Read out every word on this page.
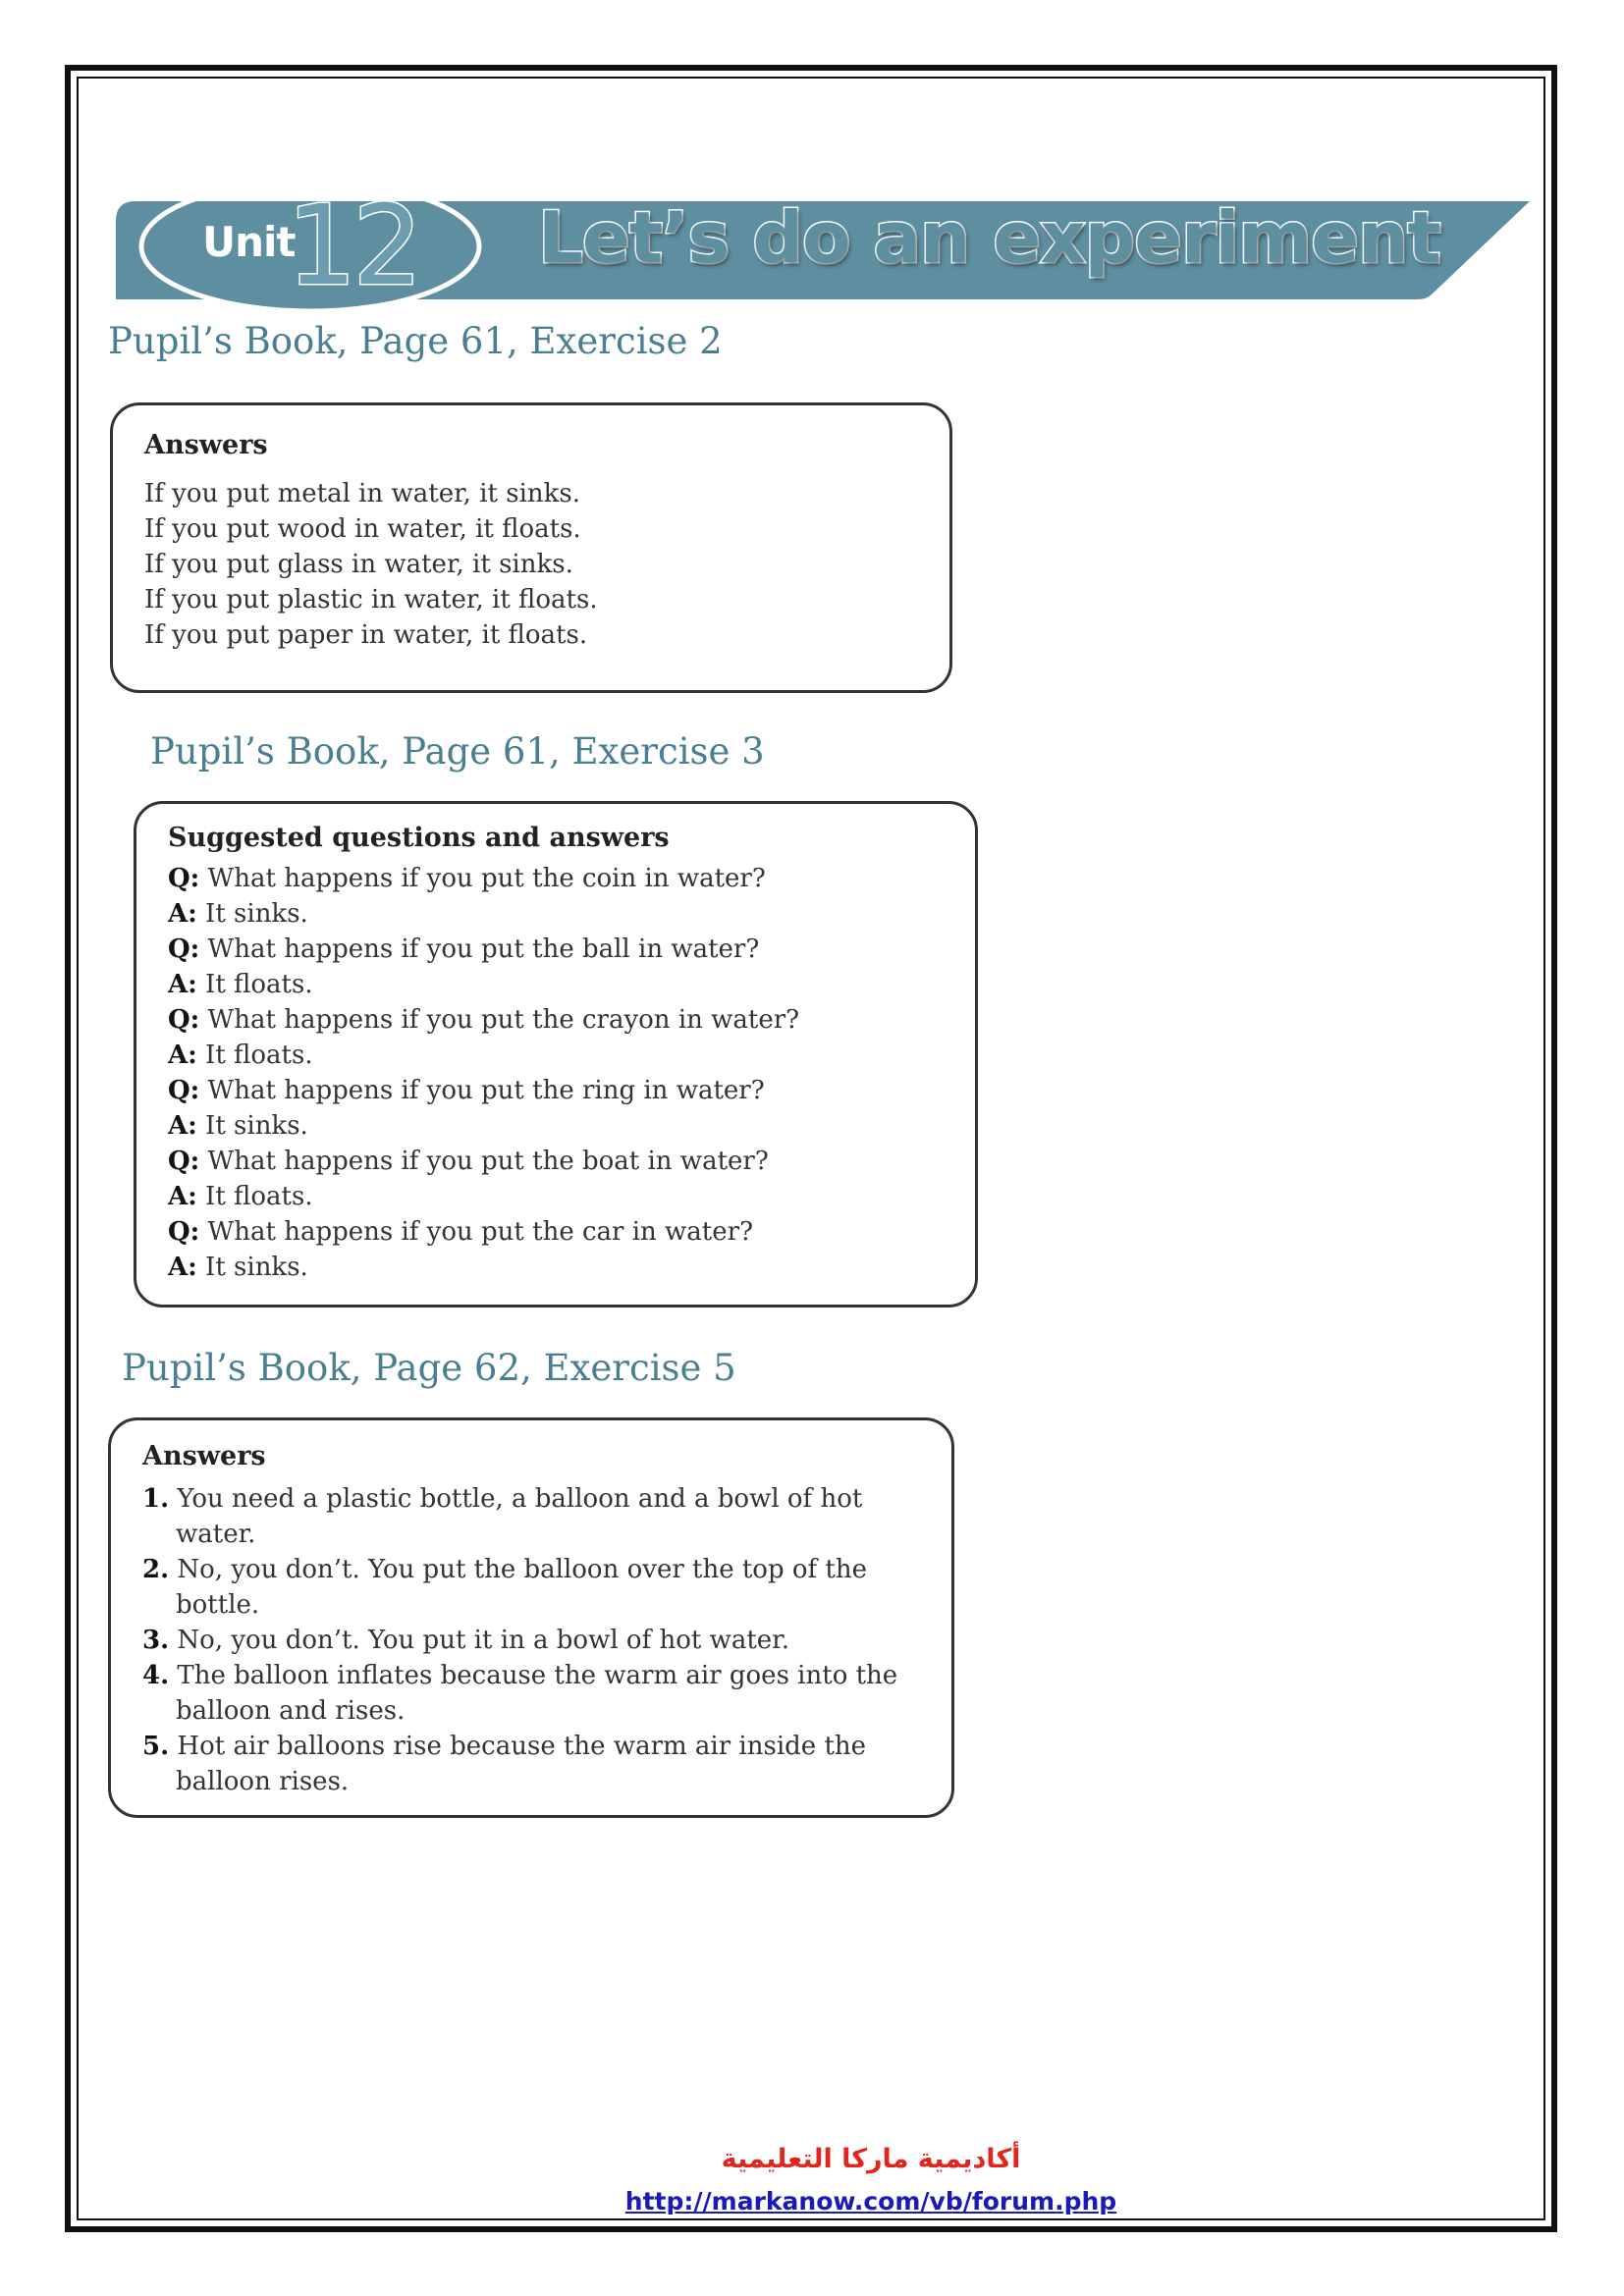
Unit
12 Let’s do an experiment
Pupil’s Book, Page 61, Exercise 2
Answers
If you put metal in water, it sinks.
If you put wood in water, it floats.
If you put glass in water, it sinks.
If you put plastic in water, it floats.
If you put paper in water, it floats.
Pupil’s Book, Page 61, Exercise 3
Suggested questions and answers
Q: What happens if you put the coin in water?
A: It sinks.
Q: What happens if you put the ball in water?
A: It floats.
Q: What happens if you put the crayon in water?
A: It floats.
Q: What happens if you put the ring in water?
A: It sinks.
Q: What happens if you put the boat in water?
A: It floats.
Q: What happens if you put the car in water?
A: It sinks.
Pupil’s Book, Page 62, Exercise 5
Answers
1. You need a plastic bottle, a balloon and a bowl of hot water.
2. No, you don’t. You put the balloon over the top of the bottle.
3. No, you don’t. You put it in a bowl of hot water.
4. The balloon inflates because the warm air goes into the balloon and rises.
5. Hot air balloons rise because the warm air inside the balloon rises.
أكاديمية ماركا التعليمية
http://markanow.com/vb/forum.php
